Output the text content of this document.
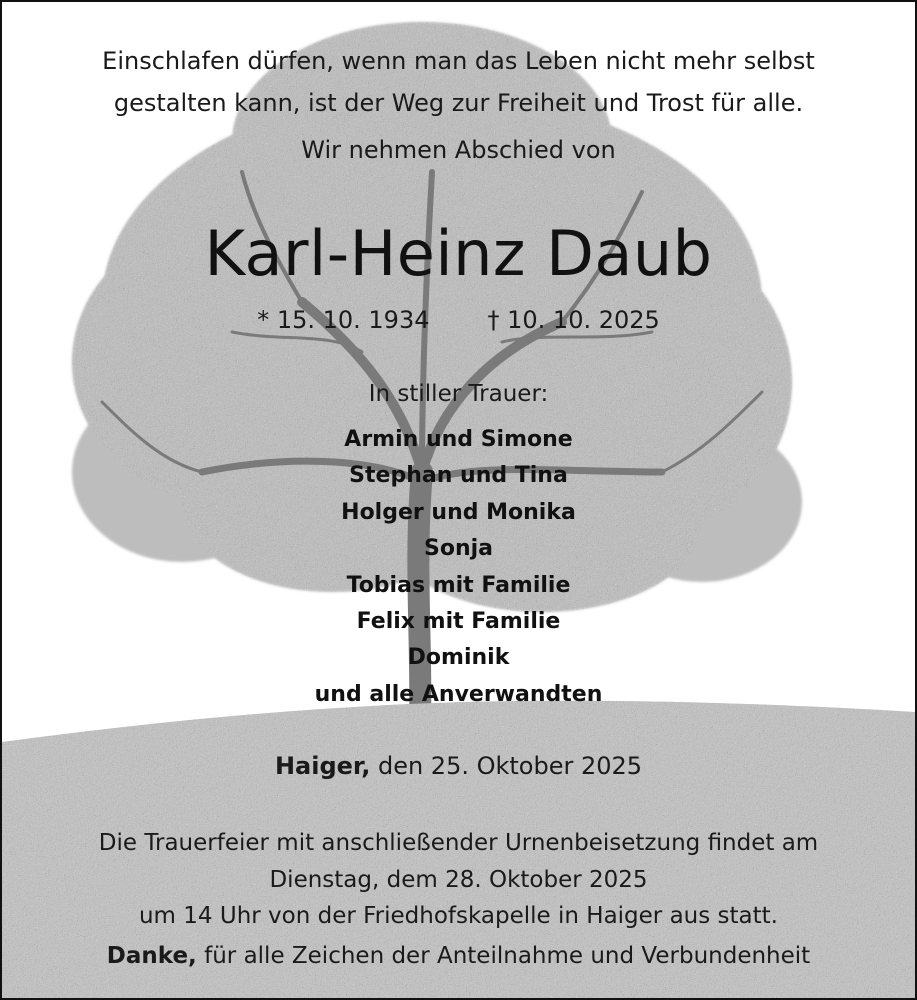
Einschlafen dürfen, wenn man das Leben nicht mehr selbst
gestalten kann, ist der Weg zur Freiheit und Trost für alle.
Wir nehmen Abschied von
Karl-Heinz Daub
* 15. 10. 1934 † 10. 10. 2025
In stiller Trauer:
Armin und Simone
Stephan und Tina
Holger und Monika
Sonja
Tobias mit Familie
Felix mit Familie
Dominik
und alle Anverwandten
Haiger, den 25. Oktober 2025

Die Trauerfeier mit anschließender Urnenbeisetzung findet am

Dienstag, dem 28. Oktober 2025

um 14 Uhr von der Friedhofskapelle in Haiger aus statt.

Danke, für alle Zeichen der Anteilnahme und Verbundenheit
